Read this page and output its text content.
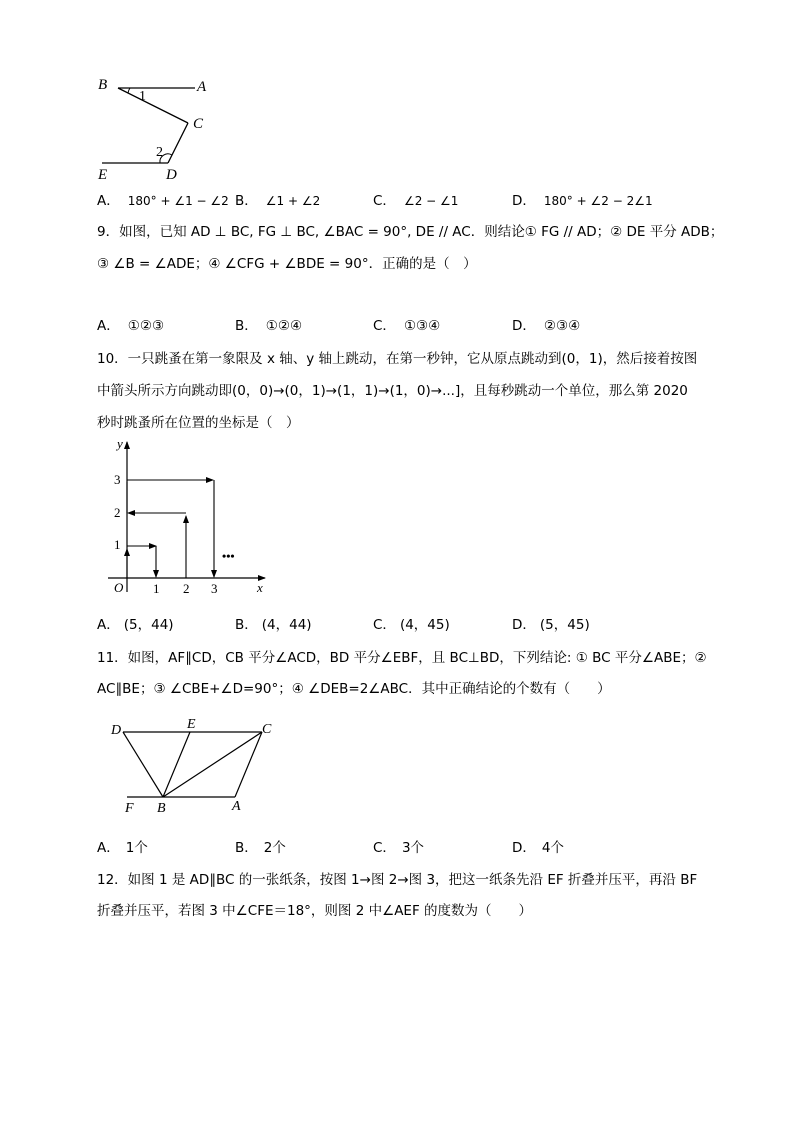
B	A
C
E	D
1
2
A． 180° + ∠1 − ∠2 B． ∠1 + ∠2	C． ∠2 − ∠1	D． 180° + ∠2 − 2∠1
9．如图，已知 AD ⊥ BC, FG ⊥ BC, ∠BAC = 90°, DE // AC．则结论① FG // AD；② DE 平分 ADB；
③ ∠B = ∠ADE；④ ∠CFG + ∠BDE = 90°．正确的是（　）
A． ①②③	B． ①②④	C． ①③④	D． ②③④
10．一只跳蚤在第一象限及 x 轴、y 轴上跳动，在第一秒钟，它从原点跳动到(0，1)，然后接着按图
中箭头所示方向跳动即(0，0)→(0，1)→(1，1)→(1，0)→...]，且每秒跳动一个单位，那么第 2020
秒时跳蚤所在位置的坐标是（　）
y
x
O 1 2 3
1
2
3
•••
A． (5，44)	B． (4，44)	C． (4，45)	D． (5，45)
11．如图，AF∥CD，CB 平分∠ACD，BD 平分∠EBF，且 BC⊥BD，下列结论: ① BC 平分∠ABE；②
AC∥BE；③ ∠CBE+∠D=90°；④ ∠DEB=2∠ABC．其中正确结论的个数有（　　）
D	E	C
F B	A
A． 1个	B． 2个	C． 3个	D． 4个
12．如图 1 是 AD∥BC 的一张纸条，按图 1→图 2→图 3，把这一纸条先沿 EF 折叠并压平，再沿 BF
折叠并压平，若图 3 中∠CFE＝18°，则图 2 中∠AEF 的度数为（　　）
